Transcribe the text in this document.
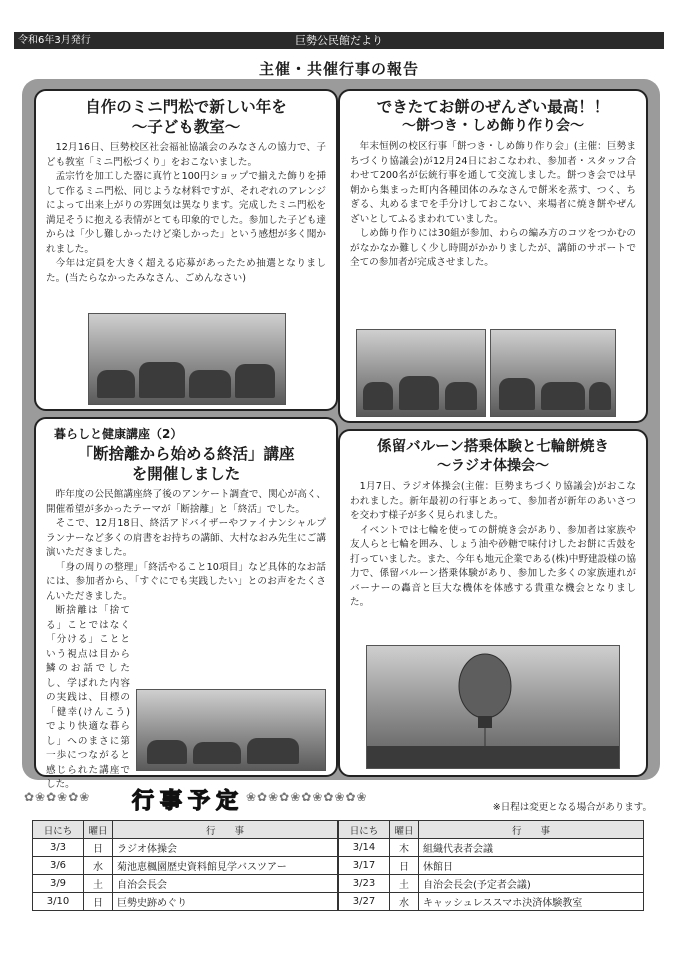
令和6年3月発行	巨勢公民館だより
主催・共催行事の報告
自作のミニ門松で新しい年を
～子ども教室～

12月16日、巨勢校区社会福祉協議会のみなさんの協力で、子ども教室「ミニ門松づくり」をおこないました。

孟宗竹を加工した器に真竹と100円ショップで揃えた飾りを挿して作るミニ門松、同じような材料ですが、それぞれのアレンジによって出来上がりの雰囲気は異なります。完成したミニ門松を満足そうに抱える表情がとても印象的でした。参加した子ども達からは「少し難しかったけど楽しかった」という感想が多く聞かれました。

今年は定員を大きく超える応募があったため抽選となりました。(当たらなかったみなさん、ごめんなさい)

できたてお餅のぜんざい最高！！
～餅つき・しめ飾り作り会～

年末恒例の校区行事「餅つき・しめ飾り作り会」(主催：巨勢まちづくり協議会)が12月24日におこなわれ、参加者・スタッフ合わせて200名が伝統行事を通して交流しました。餅つき会では早朝から集まった町内各種団体のみなさんで餅米を蒸す、つく、ちぎる、丸めるまでを手分けしておこない、来場者に焼き餅やぜんざいとしてふるまわれていました。

しめ飾り作りには30組が参加、わらの編み方のコツをつかむのがなかなか難しく少し時間がかかりましたが、講師のサポートで全ての参加者が完成させました。

暮らしと健康講座（2）
「断捨離から始める終活」講座
を開催しました

昨年度の公民館講座終了後のアンケート調査で、関心が高く、開催希望が多かったテーマが「断捨離」と「終活」でした。

そこで、12月18日、終活アドバイザーやファイナンシャルプランナーなど多くの肩書をお持ちの講師、大村なおみ先生にご講演いただきました。

「身の周りの整理」「終活やること10項目」など具体的なお話には、参加者から、「すぐにでも実践したい」とのお声をたくさんいただきました。

断捨離は「捨てる」ことではなく「分ける」ことという視点は目から鱗のお話でしたし、学ばれた内容の実践は、目標の「健幸(けんこう)でより快適な暮らし」へのまさに第一歩につながると感じられた講座でした。

係留バルーン搭乗体験と七輪餅焼き
～ラジオ体操会～

1月7日、ラジオ体操会(主催：巨勢まちづくり協議会)がおこなわれました。新年最初の行事とあって、参加者が新年のあいさつを交わす様子が多く見られました。

イベントでは七輪を使っての餅焼き会があり、参加者は家族や友人らと七輪を囲み、しょう油や砂糖で味付けしたお餅に舌鼓を打っていました。また、今年も地元企業である(株)中野建設様の協力で、係留バルーン搭乗体験があり、参加した多くの家族連れがバーナーの轟音と巨大な機体を体感する貴重な機会となりました。

✿❀✿❀✿❀ 行事予定 ❀✿❀✿❀✿❀✿❀✿❀
※日程は変更となる場合があります。
日にち	曜日	行　　事
3/3	日	ラジオ体操会
3/6	水	菊池恵楓園歴史資料館見学バスツアー
3/9	土	自治会長会
3/10	日	巨勢史跡めぐり
日にち	曜日	行　　事
3/14	木	組織代表者会議
3/17	日	休館日
3/23	土	自治会長会(予定者会議)
3/27	水	キャッシュレススマホ決済体験教室
